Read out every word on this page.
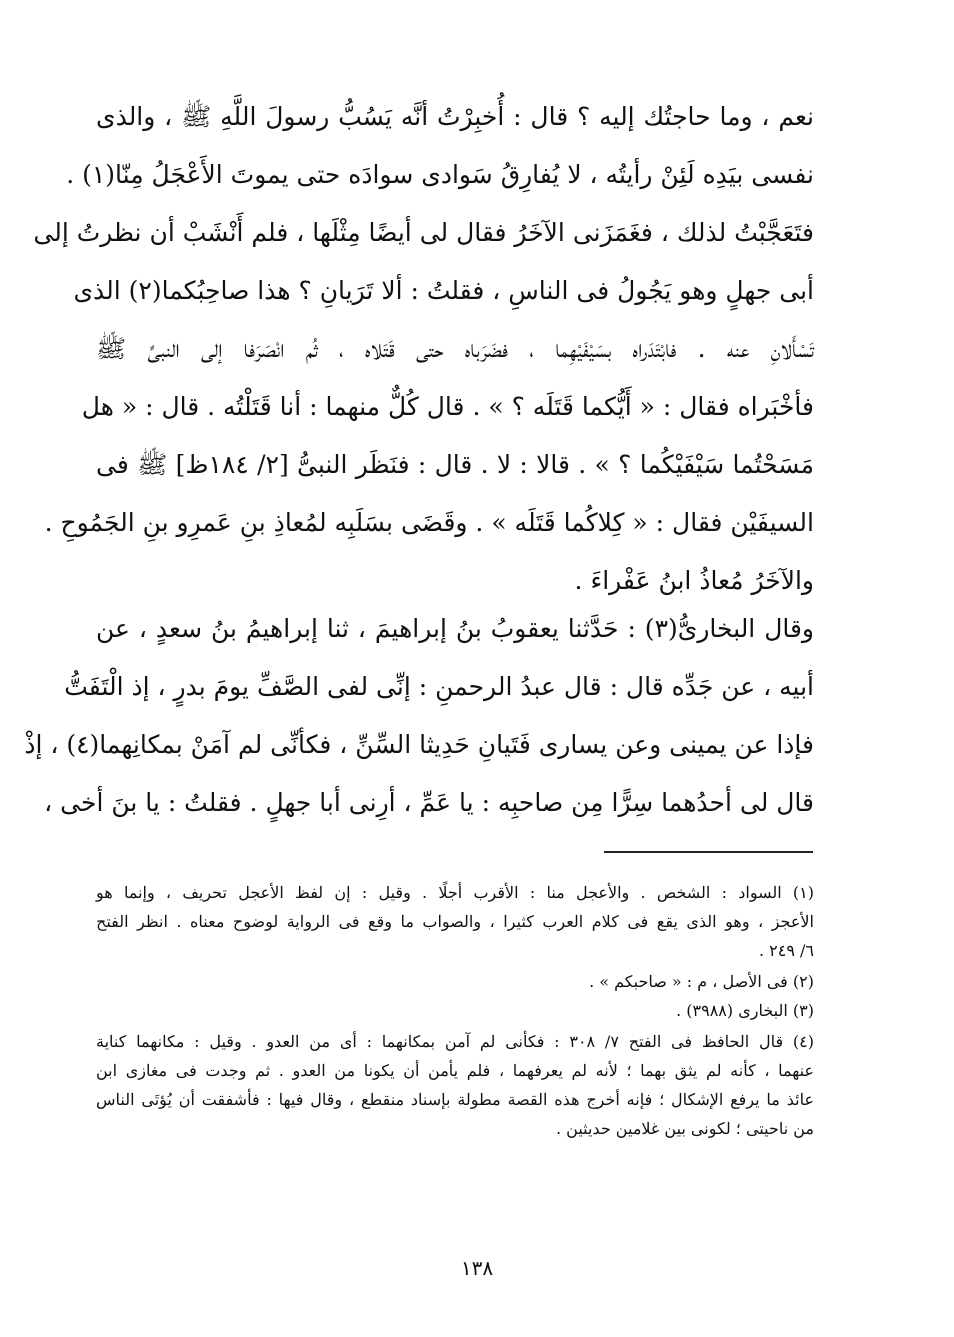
نعم ، وما حاجتُك إليه ؟ قال : أُخبِرْتُ أنَّه يَسُبُّ رسولَ اللَّهِ ﷺ ، والذى
نفسى بيَدِه لَئِنْ رأيتُه ، لا يُفارِقُ سَوادى سوادَه حتى يموتَ الأَعْجَلُ مِنّا(١) .
فتَعَجَّبْتُ لذلك ، فغَمَزَنى الآخَرُ فقال لى أيضًا مِثْلَها ، فلم أَنْشَبْ أن نظرتُ إلى
أبى جهلٍ وهو يَجُولُ فى الناسِ ، فقلتُ : ألا تَرَيانِ ؟ هذا صاحِبُكما(٢) الذى
تَسْأَلانِ عنه . فابْتَدَراه بسَيْفَيْهِما ، فضَرَباه حتى قَتَلاه ، ثُم انْصَرَفا إلى النبىِّ ﷺ
فأخْبَراه فقال : « أَيُّكما قَتَلَه ؟ » . قال كُلٌّ منهما : أنا قَتَلْتُه . قال : « هل
مَسَحْتُما سَيْفَيْكُما ؟ » . قالا : لا . قال : فنَظَر النبىُّ [٢/ ١٨٤ظ] ﷺ فى
السيفَيْن فقال : « كِلاكُما قَتَلَه » . وقَضَى بسَلَبِه لمُعاذِ بنِ عَمرِو بنِ الجَمُوحِ .
والآخَرُ مُعاذُ ابنُ عَفْراءَ .
وقال البخارىُّ(٣) : حَدَّثنا يعقوبُ بنُ إبراهيمَ ، ثنا إبراهيمُ بنُ سعدٍ ، عن
أبيه ، عن جَدِّه قال : قال عبدُ الرحمنِ : إنِّى لفى الصَّفِّ يومَ بدرٍ ، إذ الْتَفَتُّ
فإذا عن يمينى وعن يسارى فَتَيانِ حَدِيثا السِّنِّ ، فكأنِّى لم آمَنْ بمكانِهما(٤) ، إذْ
قال لى أحدُهما سِرًّا مِن صاحبِه : يا عَمِّ ، أرِنى أبا جهلٍ . فقلتُ : يا بنَ أخى ،
(١) السواد : الشخص . والأعجل منا : الأقرب أجلًا . وقيل : إن لفظ الأعجل تحريف ، وإنما هو
الأعجز ، وهو الذى يقع فى كلام العرب كثيرا ، والصواب ما وقع فى الرواية لوضوح معناه . انظر الفتح
٦/ ٢٤٩ .
(٢) فى الأصل ، م : « صاحبكم » .
(٣) البخارى (٣٩٨٨) .
(٤) قال الحافظ فى الفتح ٧/ ٣٠٨ : فكأنى لم آمن بمكانهما : أى من العدو . وقيل : مكانهما كناية
عنهما ، كأنه لم يثق بهما ؛ لأنه لم يعرفهما ، فلم يأمن أن يكونا من العدو . ثم وجدت فى مغازى ابن
عائذ ما يرفع الإشكال ؛ فإنه أخرج هذه القصة مطولة بإسناد منقطع ، وقال فيها : فأشفقت أن يُؤتَى الناس
من ناحيتى ؛ لكونى بين غلامين حديثين .
١٣٨
